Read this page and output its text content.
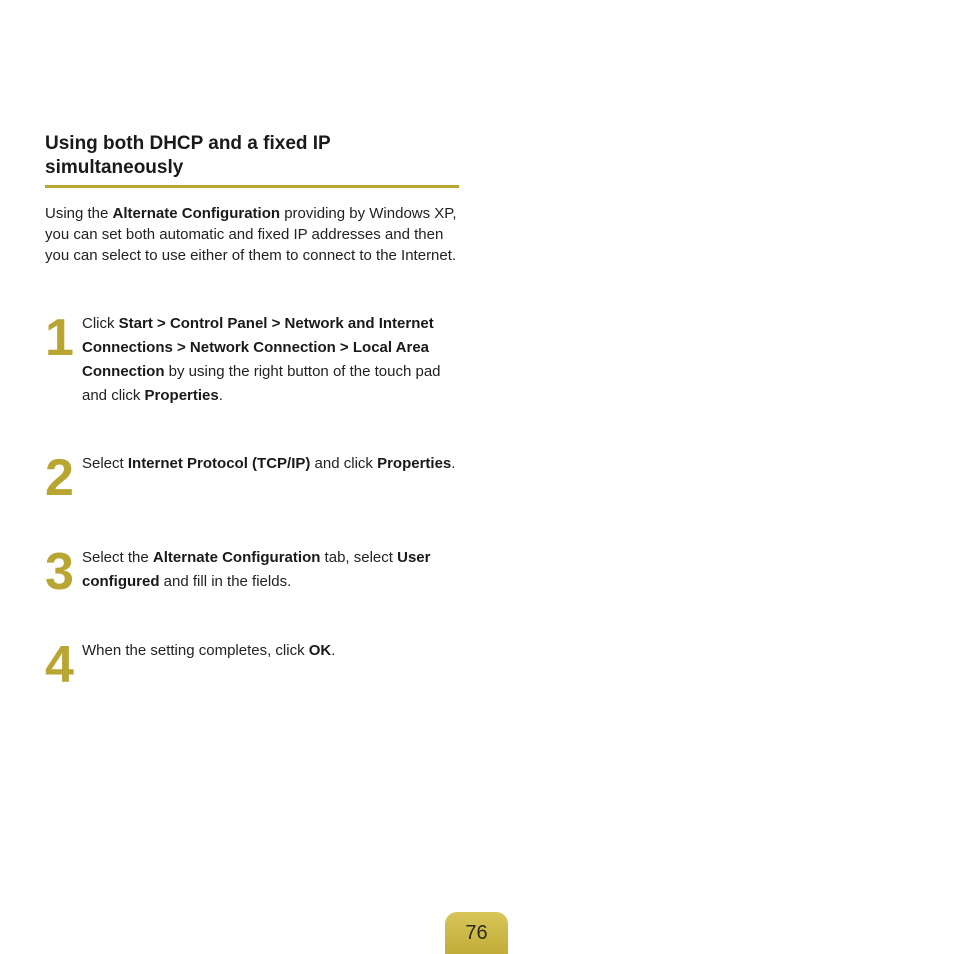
Using both DHCP and a fixed IP simultaneously

Using the Alternate Configuration providing by Windows XP, you can set both automatic and fixed IP addresses and then you can select to use either of them to connect to the Internet.

1 Click Start > Control Panel > Network and Internet Connections > Network Connection > Local Area Connection by using the right button of the touch pad and click Properties.

2 Select Internet Protocol (TCP/IP) and click Properties.

3 Select the Alternate Configuration tab, select User configured and fill in the fields.

4 When the setting completes, click OK.

76
